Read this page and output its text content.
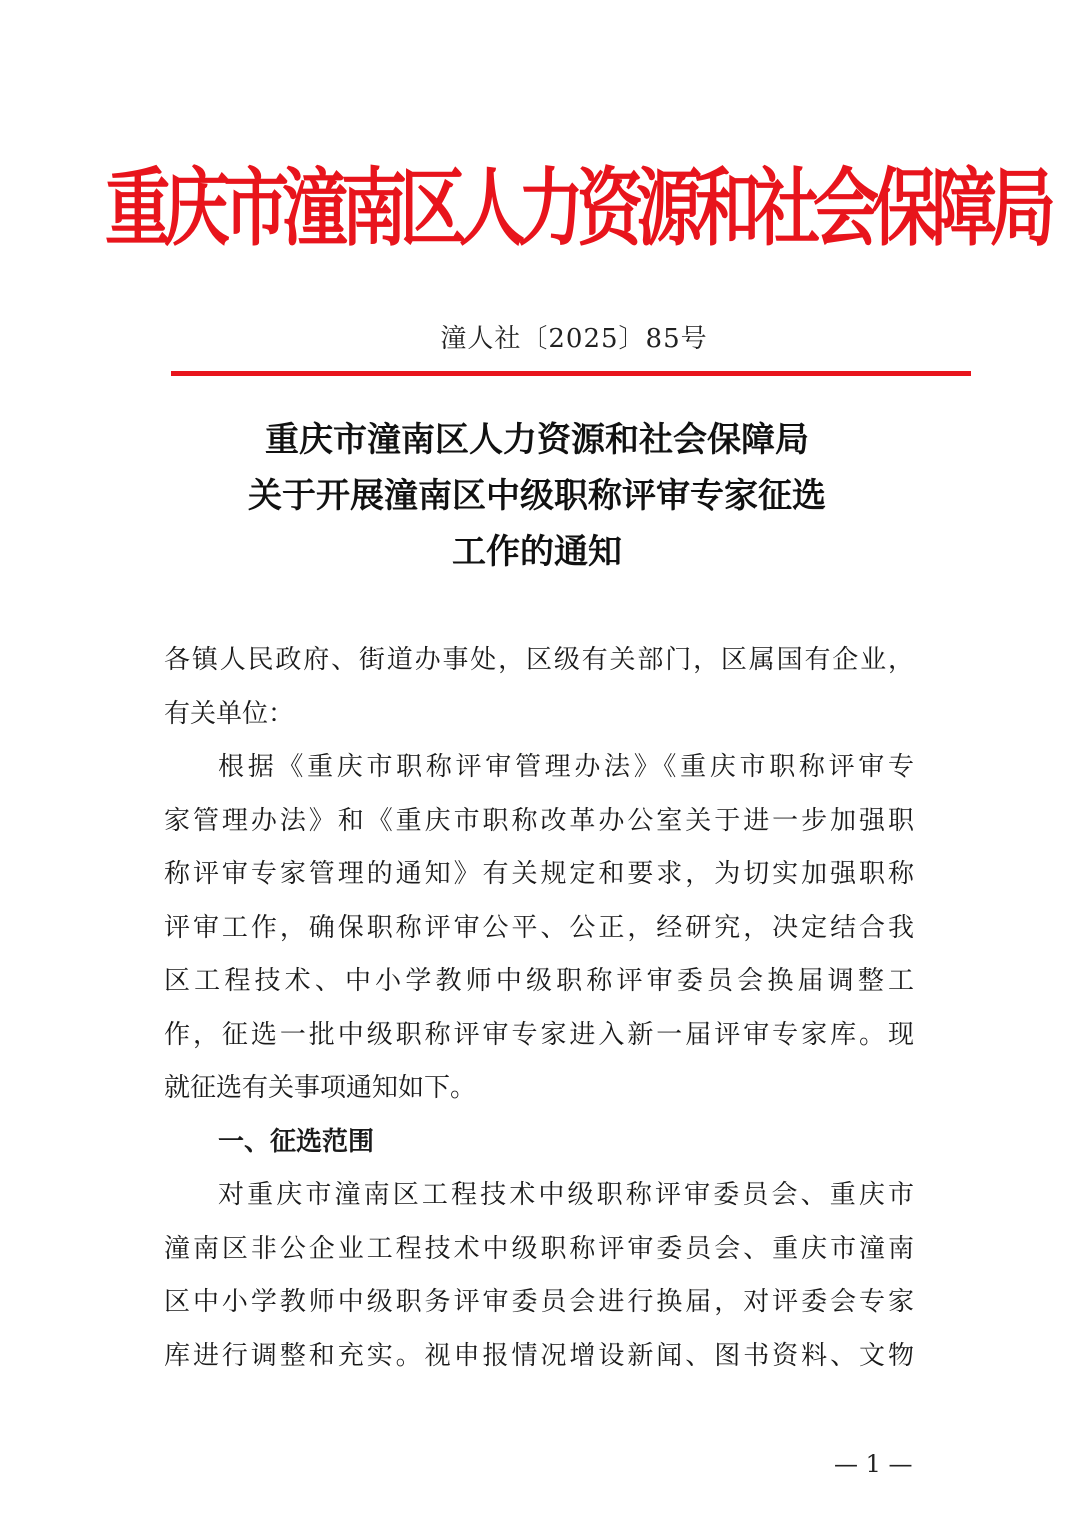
重庆市潼南区人力资源和社会保障局
潼人社〔2025〕85号
重庆市潼南区人力资源和社会保障局
关于开展潼南区中级职称评审专家征选
工作的通知
各镇人民政府、街道办事处，区级有关部门，区属国有企业，
有关单位：
根据《重庆市职称评审管理办法》《重庆市职称评审专
家管理办法》和《重庆市职称改革办公室关于进一步加强职
称评审专家管理的通知》有关规定和要求，为切实加强职称
评审工作，确保职称评审公平、公正，经研究，决定结合我
区工程技术、中小学教师中级职称评审委员会换届调整工
作，征选一批中级职称评审专家进入新一届评审专家库。现
就征选有关事项通知如下。
一、征选范围
对重庆市潼南区工程技术中级职称评审委员会、重庆市
潼南区非公企业工程技术中级职称评审委员会、重庆市潼南
区中小学教师中级职务评审委员会进行换届，对评委会专家
库进行调整和充实。视申报情况增设新闻、图书资料、文物
— 1 —
